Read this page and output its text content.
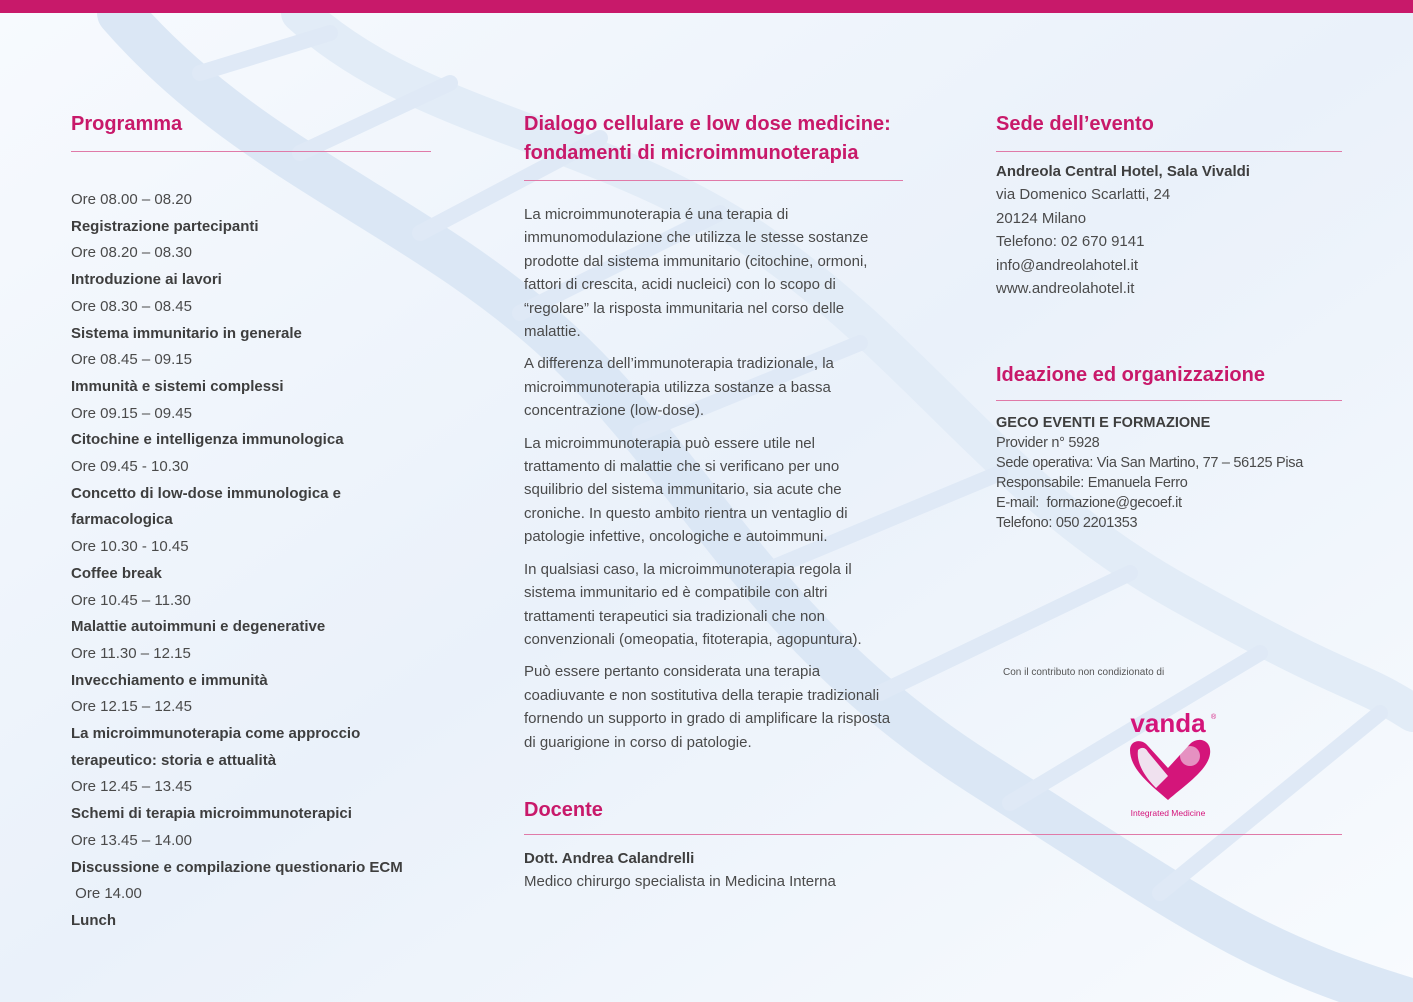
Programma
Ore 08.00 – 08.20
Registrazione partecipanti
Ore 08.20 – 08.30
Introduzione ai lavori
Ore 08.30 – 08.45
Sistema immunitario in generale
Ore 08.45 – 09.15
Immunità e sistemi complessi
Ore 09.15 – 09.45
Citochine e intelligenza immunologica
Ore 09.45 - 10.30
Concetto di low-dose immunologica e farmacologica
Ore 10.30 - 10.45
Coffee break
Ore 10.45 – 11.30
Malattie autoimmuni e degenerative
Ore 11.30 – 12.15
Invecchiamento e immunità
Ore 12.15 – 12.45
La microimmunoterapia come approccio terapeutico: storia e attualità
Ore 12.45 – 13.45
Schemi di terapia microimmunoterapici
Ore 13.45 – 14.00
Discussione e compilazione questionario ECM
Ore 14.00
Lunch
Dialogo cellulare e low dose medicine:
fondamenti di microimmunoterapia

La microimmunoterapia é una terapia di immunomodulazione che utilizza le stesse sostanze prodotte dal sistema immunitario (citochine, ormoni, fattori di crescita, acidi nucleici) con lo scopo di “regolare” la risposta immunitaria nel corso delle malattie.

A differenza dell’immunoterapia tradizionale, la microimmunoterapia utilizza sostanze a bassa concentrazione (low-dose).

La microimmunoterapia può essere utile nel trattamento di malattie che si verificano per uno squilibrio del sistema immunitario, sia acute che croniche. In questo ambito rientra un ventaglio di patologie infettive, oncologiche e autoimmuni.

In qualsiasi caso, la microimmunoterapia regola il sistema immunitario ed è compatibile con altri trattamenti terapeutici sia tradizionali che non convenzionali (omeopatia, fitoterapia, agopuntura).

Può essere pertanto considerata una terapia coadiuvante e non sostitutiva della terapie tradizionali fornendo un supporto in grado di amplificare la risposta di guarigione in corso di patologie.

Sede dell’evento
Andreola Central Hotel, Sala Vivaldi
via Domenico Scarlatti, 24
20124 Milano
Telefono: 02 670 9141
info@andreolahotel.it
www.andreolahotel.it
Ideazione ed organizzazione
GECO EVENTI E FORMAZIONE
Provider n° 5928
Sede operativa: Via San Martino, 77 – 56125 Pisa
Responsabile: Emanuela Ferro
E-mail:  formazione@gecoef.it
Telefono: 050 2201353
Con il contributo non condizionato di
vanda ®
Integrated Medicine
Docente
Dott. Andrea Calandrelli
Medico chirurgo specialista in Medicina Interna
